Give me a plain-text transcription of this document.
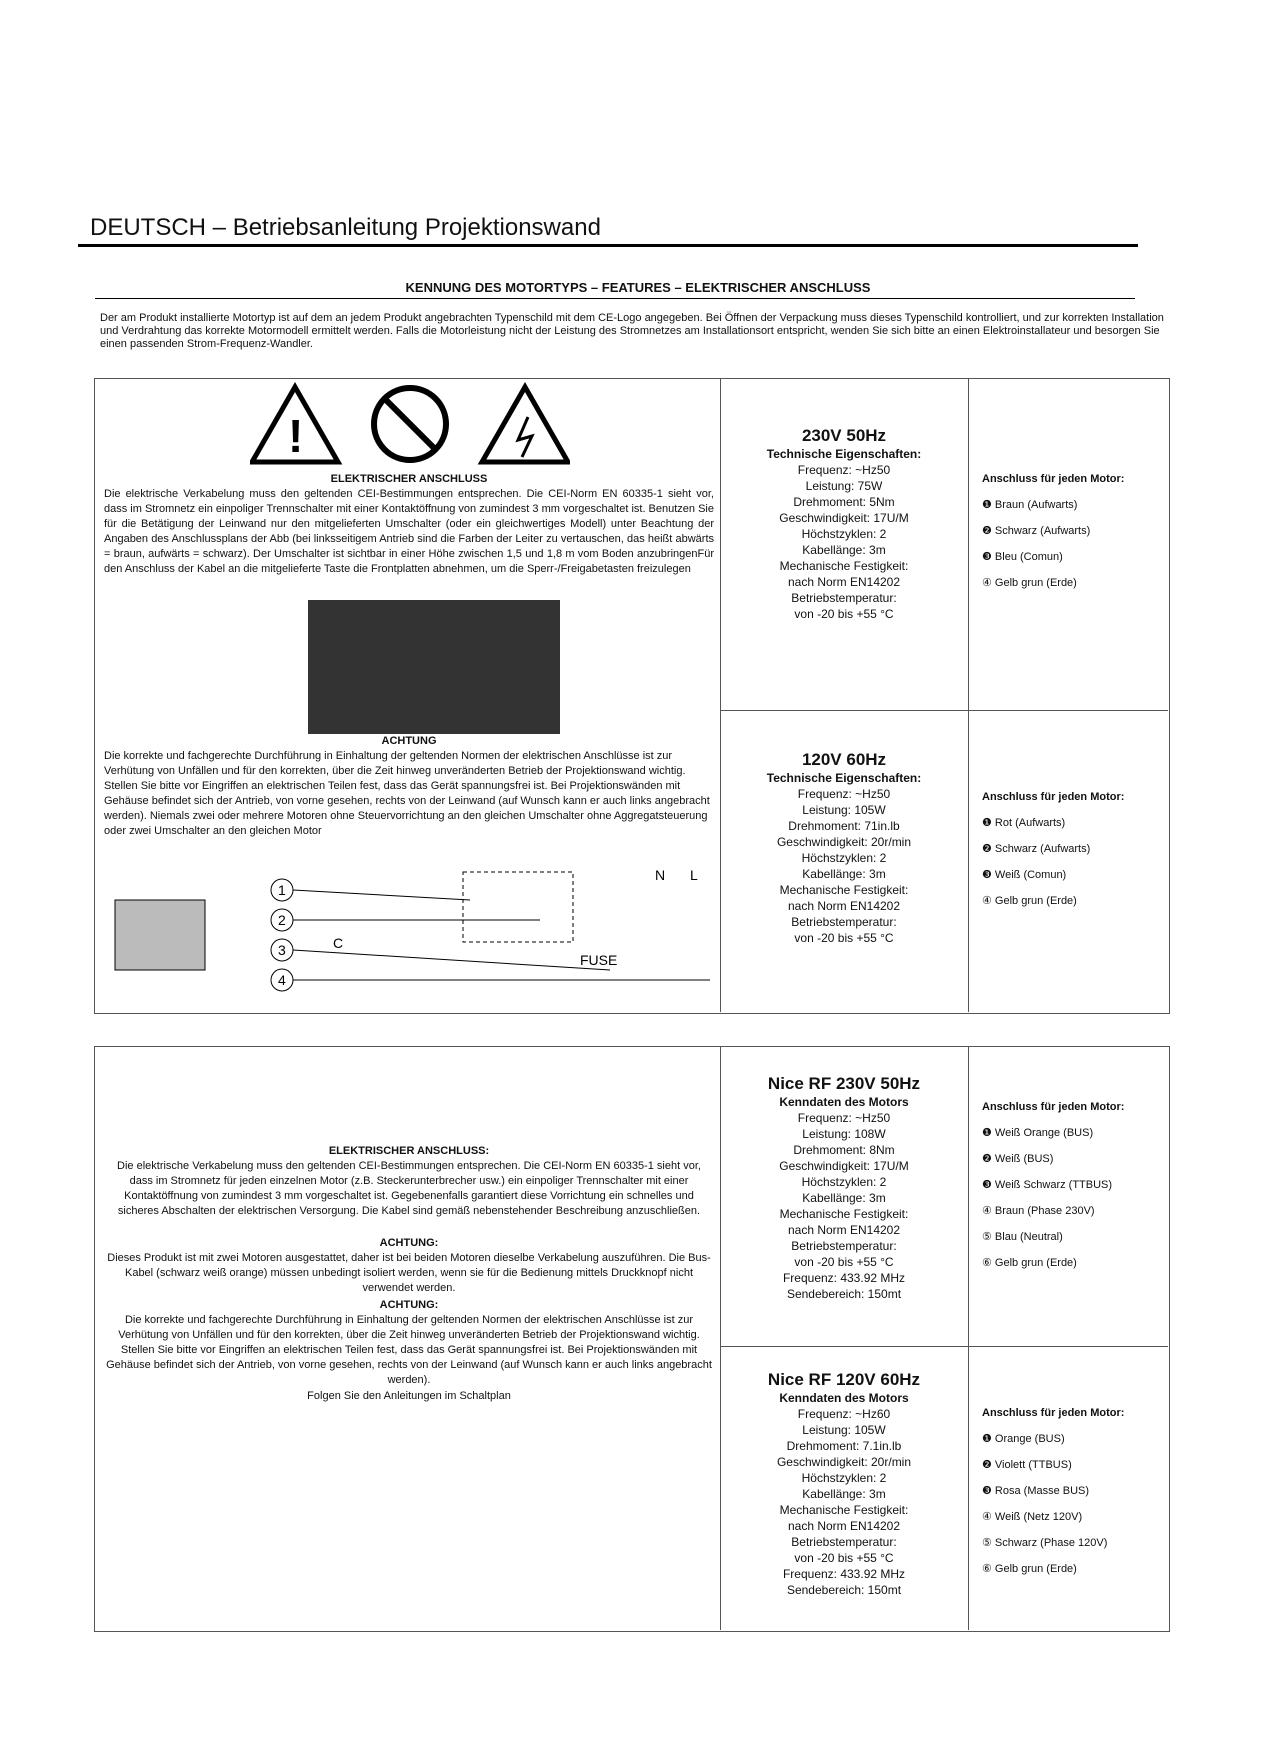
DEUTSCH – Betriebsanleitung Projektionswand
KENNUNG DES MOTORTYPS – FEATURES – ELEKTRISCHER ANSCHLUSS
Der am Produkt installierte Motortyp ist auf dem an jedem Produkt angebrachten Typenschild mit dem CE-Logo angegeben. Bei Öffnen der Verpackung muss dieses Typenschild kontrolliert, und zur korrekten Installation und Verdrahtung das korrekte Motormodell ermittelt werden. Falls die Motorleistung nicht der Leistung des Stromnetzes am Installationsort entspricht, wenden Sie sich bitte an einen Elektroinstallateur und besorgen Sie einen passenden Strom-Frequenz-Wandler.
!
ELEKTRISCHER ANSCHLUSS
Die elektrische Verkabelung muss den geltenden CEI-Bestimmungen entsprechen. Die CEI-Norm EN 60335-1 sieht vor, dass im Stromnetz ein einpoliger Trennschalter mit einer Kontaktöffnung von zumindest 3 mm vorgeschaltet ist. Benutzen Sie für die Betätigung der Leinwand nur den mitgelieferten Umschalter (oder ein gleichwertiges Modell) unter Beachtung der Angaben des Anschlussplans der Abb (bei linksseitigem Antrieb sind die Farben der Leiter zu vertauschen, das heißt abwärts = braun, aufwärts = schwarz). Der Umschalter ist sichtbar in einer Höhe zwischen 1,5 und 1,8 m vom Boden anzubringenFür den Anschluss der Kabel an die mitgelieferte Taste die Frontplatten abnehmen, um die Sperr-/Freigabetasten freizulegen
ACHTUNG
Die korrekte und fachgerechte Durchführung in Einhaltung der geltenden Normen der elektrischen Anschlüsse ist zur Verhütung von Unfällen und für den korrekten, über die Zeit hinweg unveränderten Betrieb der Projektionswand wichtig. Stellen Sie bitte vor Eingriffen an elektrischen Teilen fest, dass das Gerät spannungsfrei ist. Bei Projektionswänden mit Gehäuse befindet sich der Antrieb, von vorne gesehen, rechts von der Leinwand (auf Wunsch kann er auch links angebracht werden). Niemals zwei oder mehrere Motoren ohne Steuervorrichtung an den gleichen Umschalter ohne Aggregatsteuerung oder zwei Umschalter an den gleichen Motor
1
2
3
4
C
N L
FUSE
230V 50Hz
Technische Eigenschaften:
Frequenz: ~Hz50
Leistung: 75W
Drehmoment: 5Nm
Geschwindigkeit: 17U/M
Höchstzyklen: 2
Kabellänge: 3m
Mechanische Festigkeit:
nach Norm EN14202
Betriebstemperatur:
von -20 bis +55 °C
Anschluss für jeden Motor:
❶ Braun (Aufwarts)
❷ Schwarz (Aufwarts)
❸ Bleu (Comun)
④ Gelb grun (Erde)
120V 60Hz
Technische Eigenschaften:
Frequenz: ~Hz50
Leistung: 105W
Drehmoment: 71in.lb
Geschwindigkeit: 20r/min
Höchstzyklen: 2
Kabellänge: 3m
Mechanische Festigkeit:
nach Norm EN14202
Betriebstemperatur:
von -20 bis +55 °C
Anschluss für jeden Motor:
❶ Rot (Aufwarts)
❷ Schwarz (Aufwarts)
❸ Weiß (Comun)
④ Gelb grun (Erde)
ELEKTRISCHER ANSCHLUSS:
Die elektrische Verkabelung muss den geltenden CEI-Bestimmungen entsprechen. Die CEI-Norm EN 60335-1 sieht vor, dass im Stromnetz für jeden einzelnen Motor (z.B. Steckerunterbrecher usw.) ein einpoliger Trennschalter mit einer Kontaktöffnung von zumindest 3 mm vorgeschaltet ist. Gegebenenfalls garantiert diese Vorrichtung ein schnelles und sicheres Abschalten der elektrischen Versorgung. Die Kabel sind gemäß nebenstehender Beschreibung anzuschließen.
ACHTUNG:
Dieses Produkt ist mit zwei Motoren ausgestattet, daher ist bei beiden Motoren dieselbe Verkabelung auszuführen. Die Bus-Kabel (schwarz weiß orange) müssen unbedingt isoliert werden, wenn sie für die Bedienung mittels Druckknopf nicht verwendet werden.
ACHTUNG:
Die korrekte und fachgerechte Durchführung in Einhaltung der geltenden Normen der elektrischen Anschlüsse ist zur Verhütung von Unfällen und für den korrekten, über die Zeit hinweg unveränderten Betrieb der Projektionswand wichtig. Stellen Sie bitte vor Eingriffen an elektrischen Teilen fest, dass das Gerät spannungsfrei ist. Bei Projektionswänden mit Gehäuse befindet sich der Antrieb, von vorne gesehen, rechts von der Leinwand (auf Wunsch kann er auch links angebracht werden).
Folgen Sie den Anleitungen im Schaltplan
Nice RF 230V 50Hz
Kenndaten des Motors
Frequenz: ~Hz50
Leistung: 108W
Drehmoment: 8Nm
Geschwindigkeit: 17U/M
Höchstzyklen: 2
Kabellänge: 3m
Mechanische Festigkeit:
nach Norm EN14202
Betriebstemperatur:
von -20 bis +55 °C
Frequenz: 433.92 MHz
Sendebereich: 150mt
Anschluss für jeden Motor:
❶ Weiß Orange (BUS)
❷ Weiß (BUS)
❸ Weiß Schwarz (TTBUS)
④ Braun (Phase 230V)
⑤ Blau (Neutral)
⑥ Gelb grun (Erde)
Nice RF 120V 60Hz
Kenndaten des Motors
Frequenz: ~Hz60
Leistung: 105W
Drehmoment: 7.1in.lb
Geschwindigkeit: 20r/min
Höchstzyklen: 2
Kabellänge: 3m
Mechanische Festigkeit:
nach Norm EN14202
Betriebstemperatur:
von -20 bis +55 °C
Frequenz: 433.92 MHz
Sendebereich: 150mt
Anschluss für jeden Motor:
❶ Orange (BUS)
❷ Violett (TTBUS)
❸ Rosa (Masse BUS)
④ Weiß (Netz 120V)
⑤ Schwarz (Phase 120V)
⑥ Gelb grun (Erde)
